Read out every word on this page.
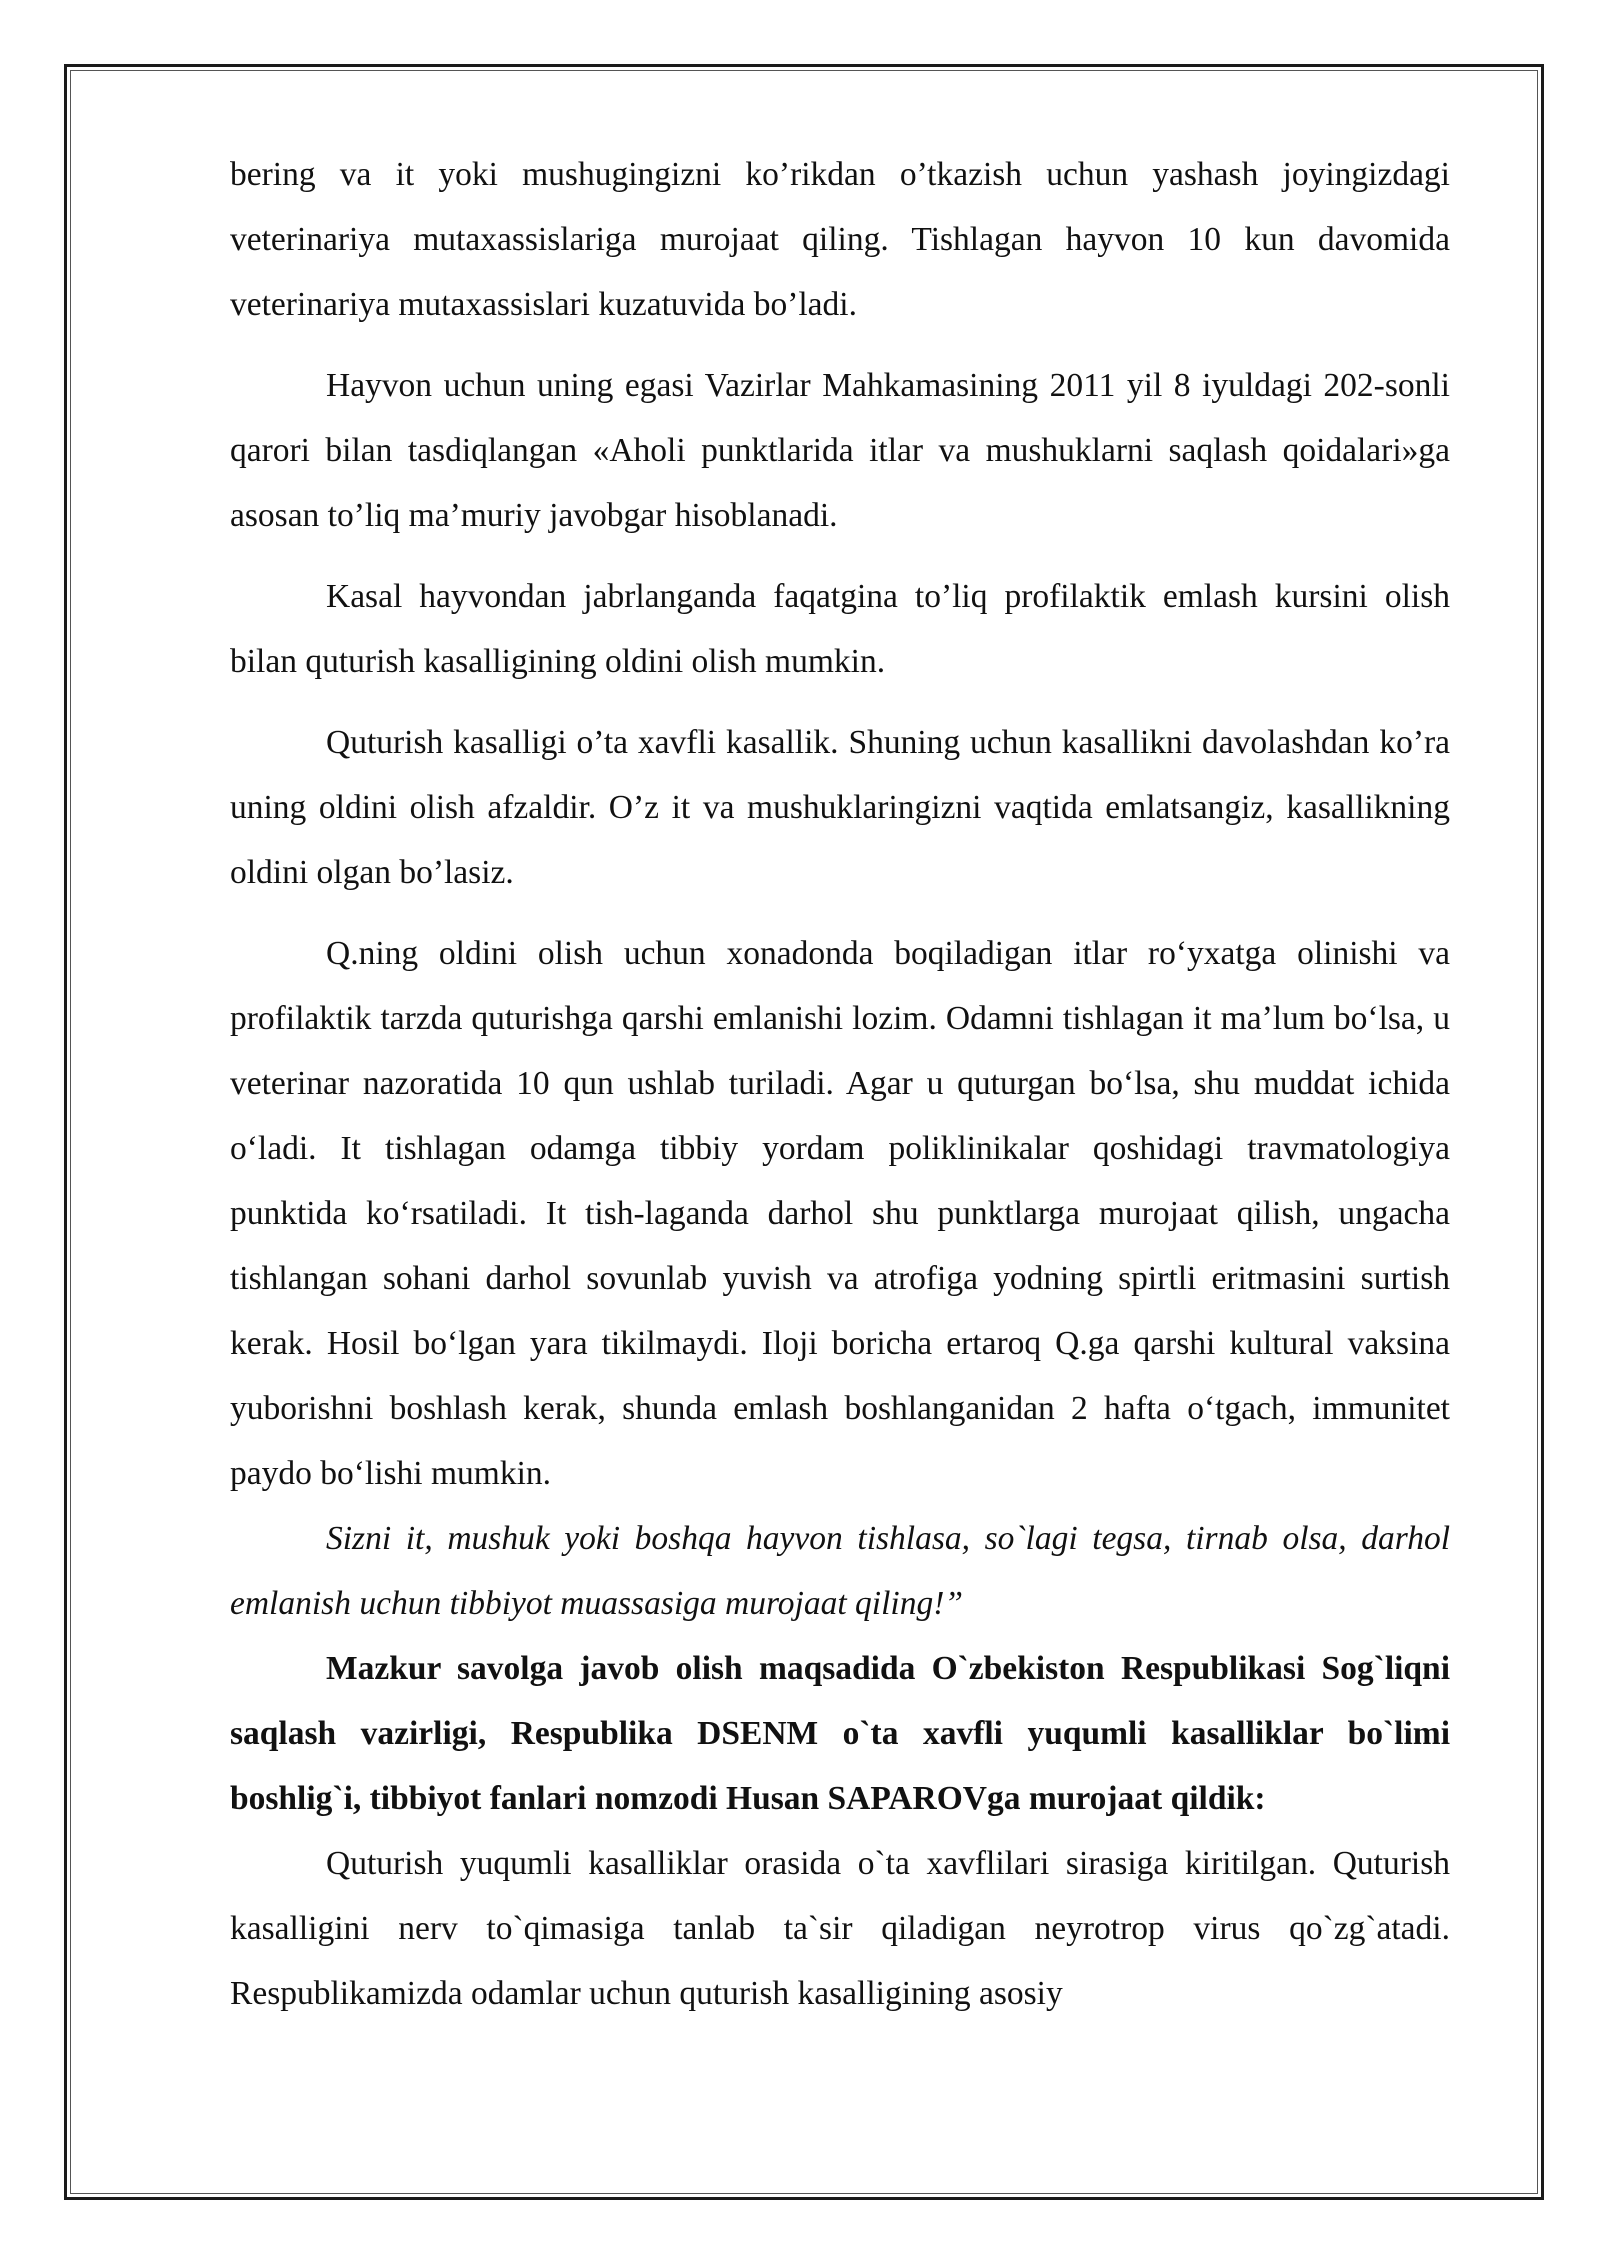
bering va it yoki mushugingizni ko’rikdan o’tkazish uchun yashash joyingizdagi veterinariya mutaxassislariga murojaat qiling. Tishlagan hayvon 10 kun davomida veterinariya mutaxassislari kuzatuvida bo’ladi.

Hayvon uchun uning egasi Vazirlar Mahkamasining 2011 yil 8 iyuldagi 202-sonli qarori bilan tasdiqlangan «Aholi punktlarida itlar va mushuklarni saqlash qoidalari»ga asosan to’liq ma’muriy javobgar hisoblanadi.

Kasal hayvondan jabrlanganda faqatgina to’liq profilaktik emlash kursini olish bilan quturish kasalligining oldini olish mumkin.

Quturish kasalligi o’ta xavfli kasallik. Shuning uchun kasallikni davolashdan ko’ra uning oldini olish afzaldir. O’z it va mushuklaringizni vaqtida emlatsangiz, kasallikning oldini olgan bo’lasiz.

Q.ning oldini olish uchun xonadonda boqiladigan itlar roʻyxatga olinishi va profilaktik tarzda quturishga qarshi emlanishi lozim. Odamni tishlagan it maʼlum boʻlsa, u veterinar nazoratida 10 qun ushlab turiladi. Agar u quturgan boʻlsa, shu muddat ichida oʻladi. It tishlagan odamga tibbiy yordam poliklinikalar qoshidagi travmatologiya punktida koʻrsatiladi. It tish-laganda darhol shu punktlarga murojaat qilish, ungacha tishlangan sohani darhol sovunlab yuvish va atrofiga yodning spirtli eritmasini surtish kerak. Hosil boʻlgan yara tikilmaydi. Iloji boricha ertaroq Q.ga qarshi kultural vaksina yuborishni boshlash kerak, shunda emlash boshlanganidan 2 hafta oʻtgach, immunitet paydo boʻlishi mumkin.

Sizni it, mushuk yoki boshqa hayvon tishlasa, so`lagi tegsa, tirnab olsa, darhol emlanish uchun tibbiyot muassasiga murojaat qiling!”

Mazkur savolga javob olish maqsadida O`zbekiston Respublikasi Sog`liqni saqlash vazirligi, Respublika DSENM o`ta xavfli yuqumli kasalliklar bo`limi boshlig`i, tibbiyot fanlari nomzodi Husan SAPAROVga murojaat qildik:

Quturish yuqumli kasalliklar orasida o`ta xavflilari sirasiga kiritilgan. Quturish kasalligini nerv to`qimasiga tanlab ta`sir qiladigan neyrotrop virus qo`zg`atadi. Respublikamizda odamlar uchun quturish kasalligining asosiy
